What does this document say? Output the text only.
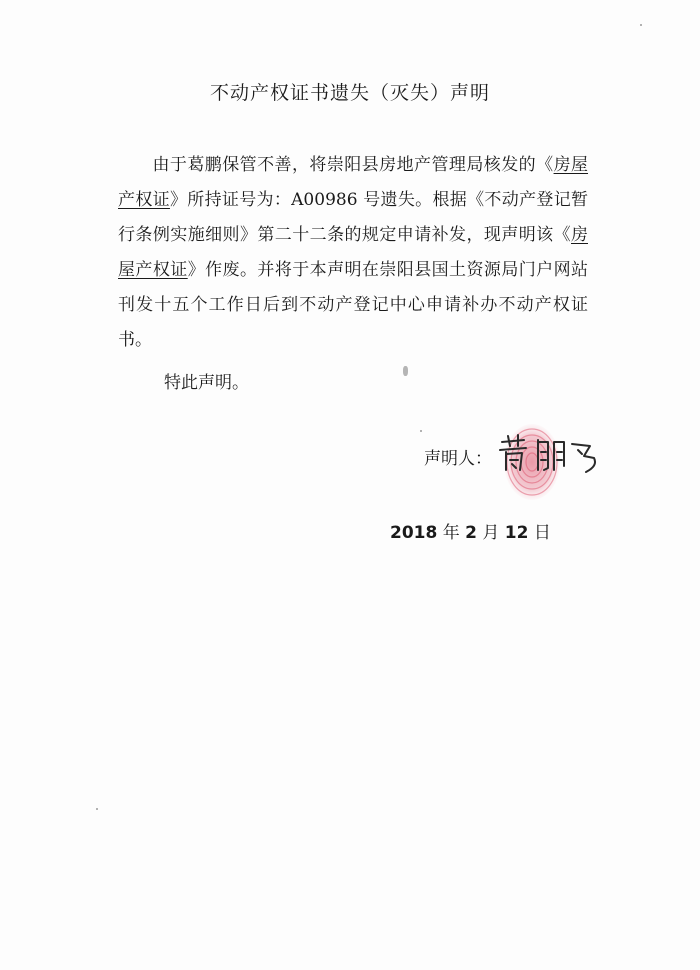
不动产权证书遗失（灭失）声明

由于葛鹏保管不善，将崇阳县房地产管理局核发的《房屋产权证》所持证号为：A00986 号遗失。根据《不动产登记暂行条例实施细则》第二十二条的规定申请补发，现声明该《房屋产权证》作废。并将于本声明在崇阳县国土资源局门户网站刊发十五个工作日后到不动产登记中心申请补办不动产权证书。

特此声明。
声明人：
2018 年 2 月 12 日
